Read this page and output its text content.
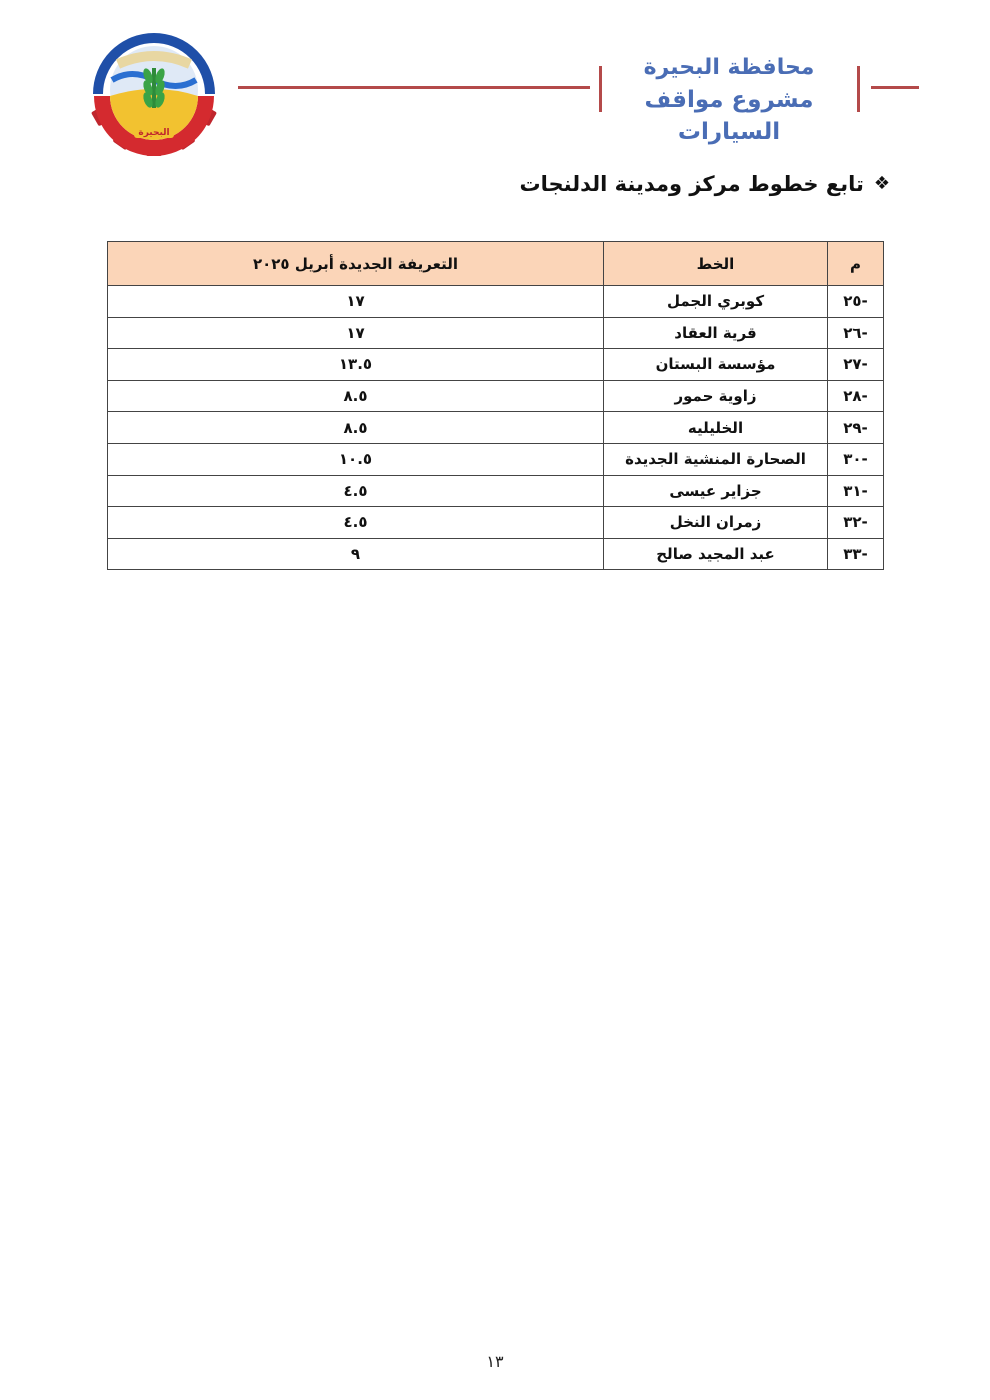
البحيرة
محافظة البحيرة
مشروع مواقف السيارات
❖
تابع خطوط مركز ومدينة الدلنجات
م	الخط	التعريفة الجديدة أبريل ٢٠٢٥
-٢٥	كوبري الجمل	١٧
-٢٦	قرية العقاد	١٧
-٢٧	مؤسسة البستان	١٣.٥
-٢٨	زاوية حمور	٨.٥
-٢٩	الخليليه	٨.٥
-٣٠	الصحارة المنشية الجديدة	١٠.٥
-٣١	جزاير عيسى	٤.٥
-٣٢	زمران النخل	٤.٥
-٣٣	عبد المجيد صالح	٩
١٣
